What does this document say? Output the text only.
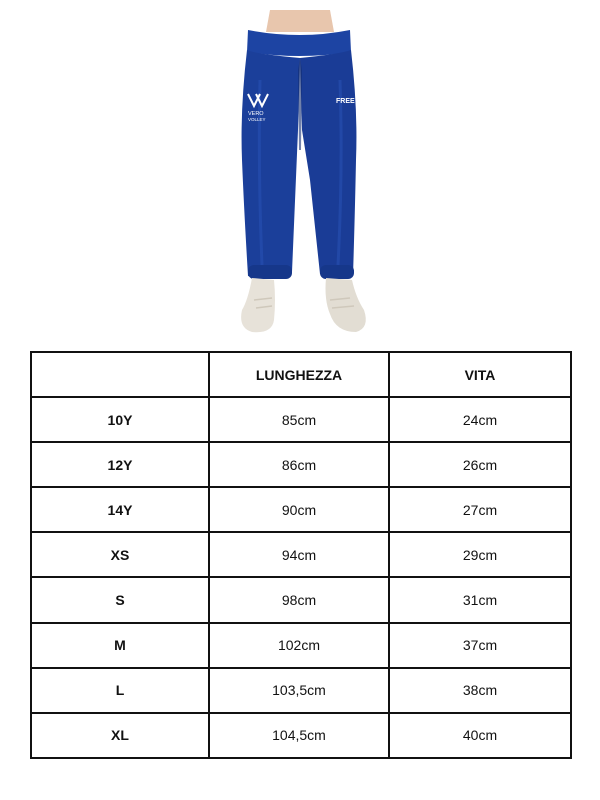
VERO
VOLLEY
FREE
	LUNGHEZZA	VITA
10Y	85cm	24cm
12Y	86cm	26cm
14Y	90cm	27cm
XS	94cm	29cm
S	98cm	31cm
M	102cm	37cm
L	103,5cm	38cm
XL	104,5cm	40cm
